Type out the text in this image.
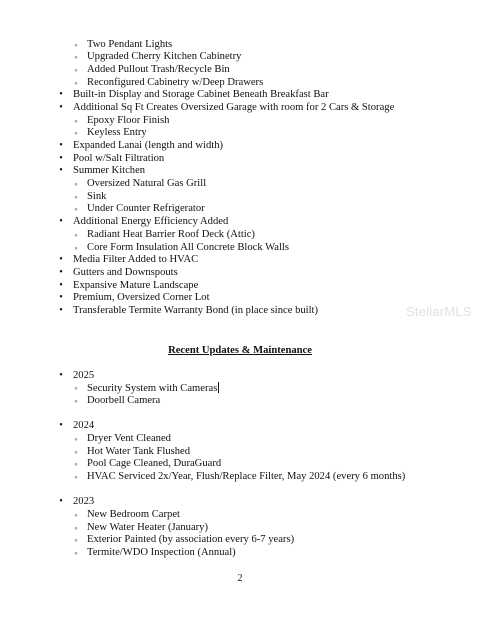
◦ Two Pendant Lights
◦ Upgraded Cherry Kitchen Cabinetry
◦ Added Pullout Trash/Recycle Bin
◦ Reconfigured Cabinetry w/Deep Drawers
• Built-in Display and Storage Cabinet Beneath Breakfast Bar
• Additional Sq Ft Creates Oversized Garage with room for 2 Cars & Storage
◦ Epoxy Floor Finish
◦ Keyless Entry
• Expanded Lanai (length and width)
• Pool w/Salt Filtration
• Summer Kitchen
◦ Oversized Natural Gas Grill
◦ Sink
◦ Under Counter Refrigerator
• Additional Energy Efficiency Added
◦ Radiant Heat Barrier Roof Deck (Attic)
◦ Core Form Insulation All Concrete Block Walls
• Media Filter Added to HVAC
• Gutters and Downspouts
• Expansive Mature Landscape
• Premium, Oversized Corner Lot
• Transferable Termite Warranty Bond (in place since built)	StellarMLS
Recent Updates & Maintenance
• 2025
◦ Security System with Cameras
◦ Doorbell Camera
• 2024
◦ Dryer Vent Cleaned
◦ Hot Water Tank Flushed
◦ Pool Cage Cleaned, DuraGuard
◦ HVAC Serviced 2x/Year, Flush/Replace Filter, May 2024 (every 6 months)
• 2023
◦ New Bedroom Carpet
◦ New Water Heater (January)
◦ Exterior Painted (by association every 6-7 years)
◦ Termite/WDO Inspection (Annual)
2
